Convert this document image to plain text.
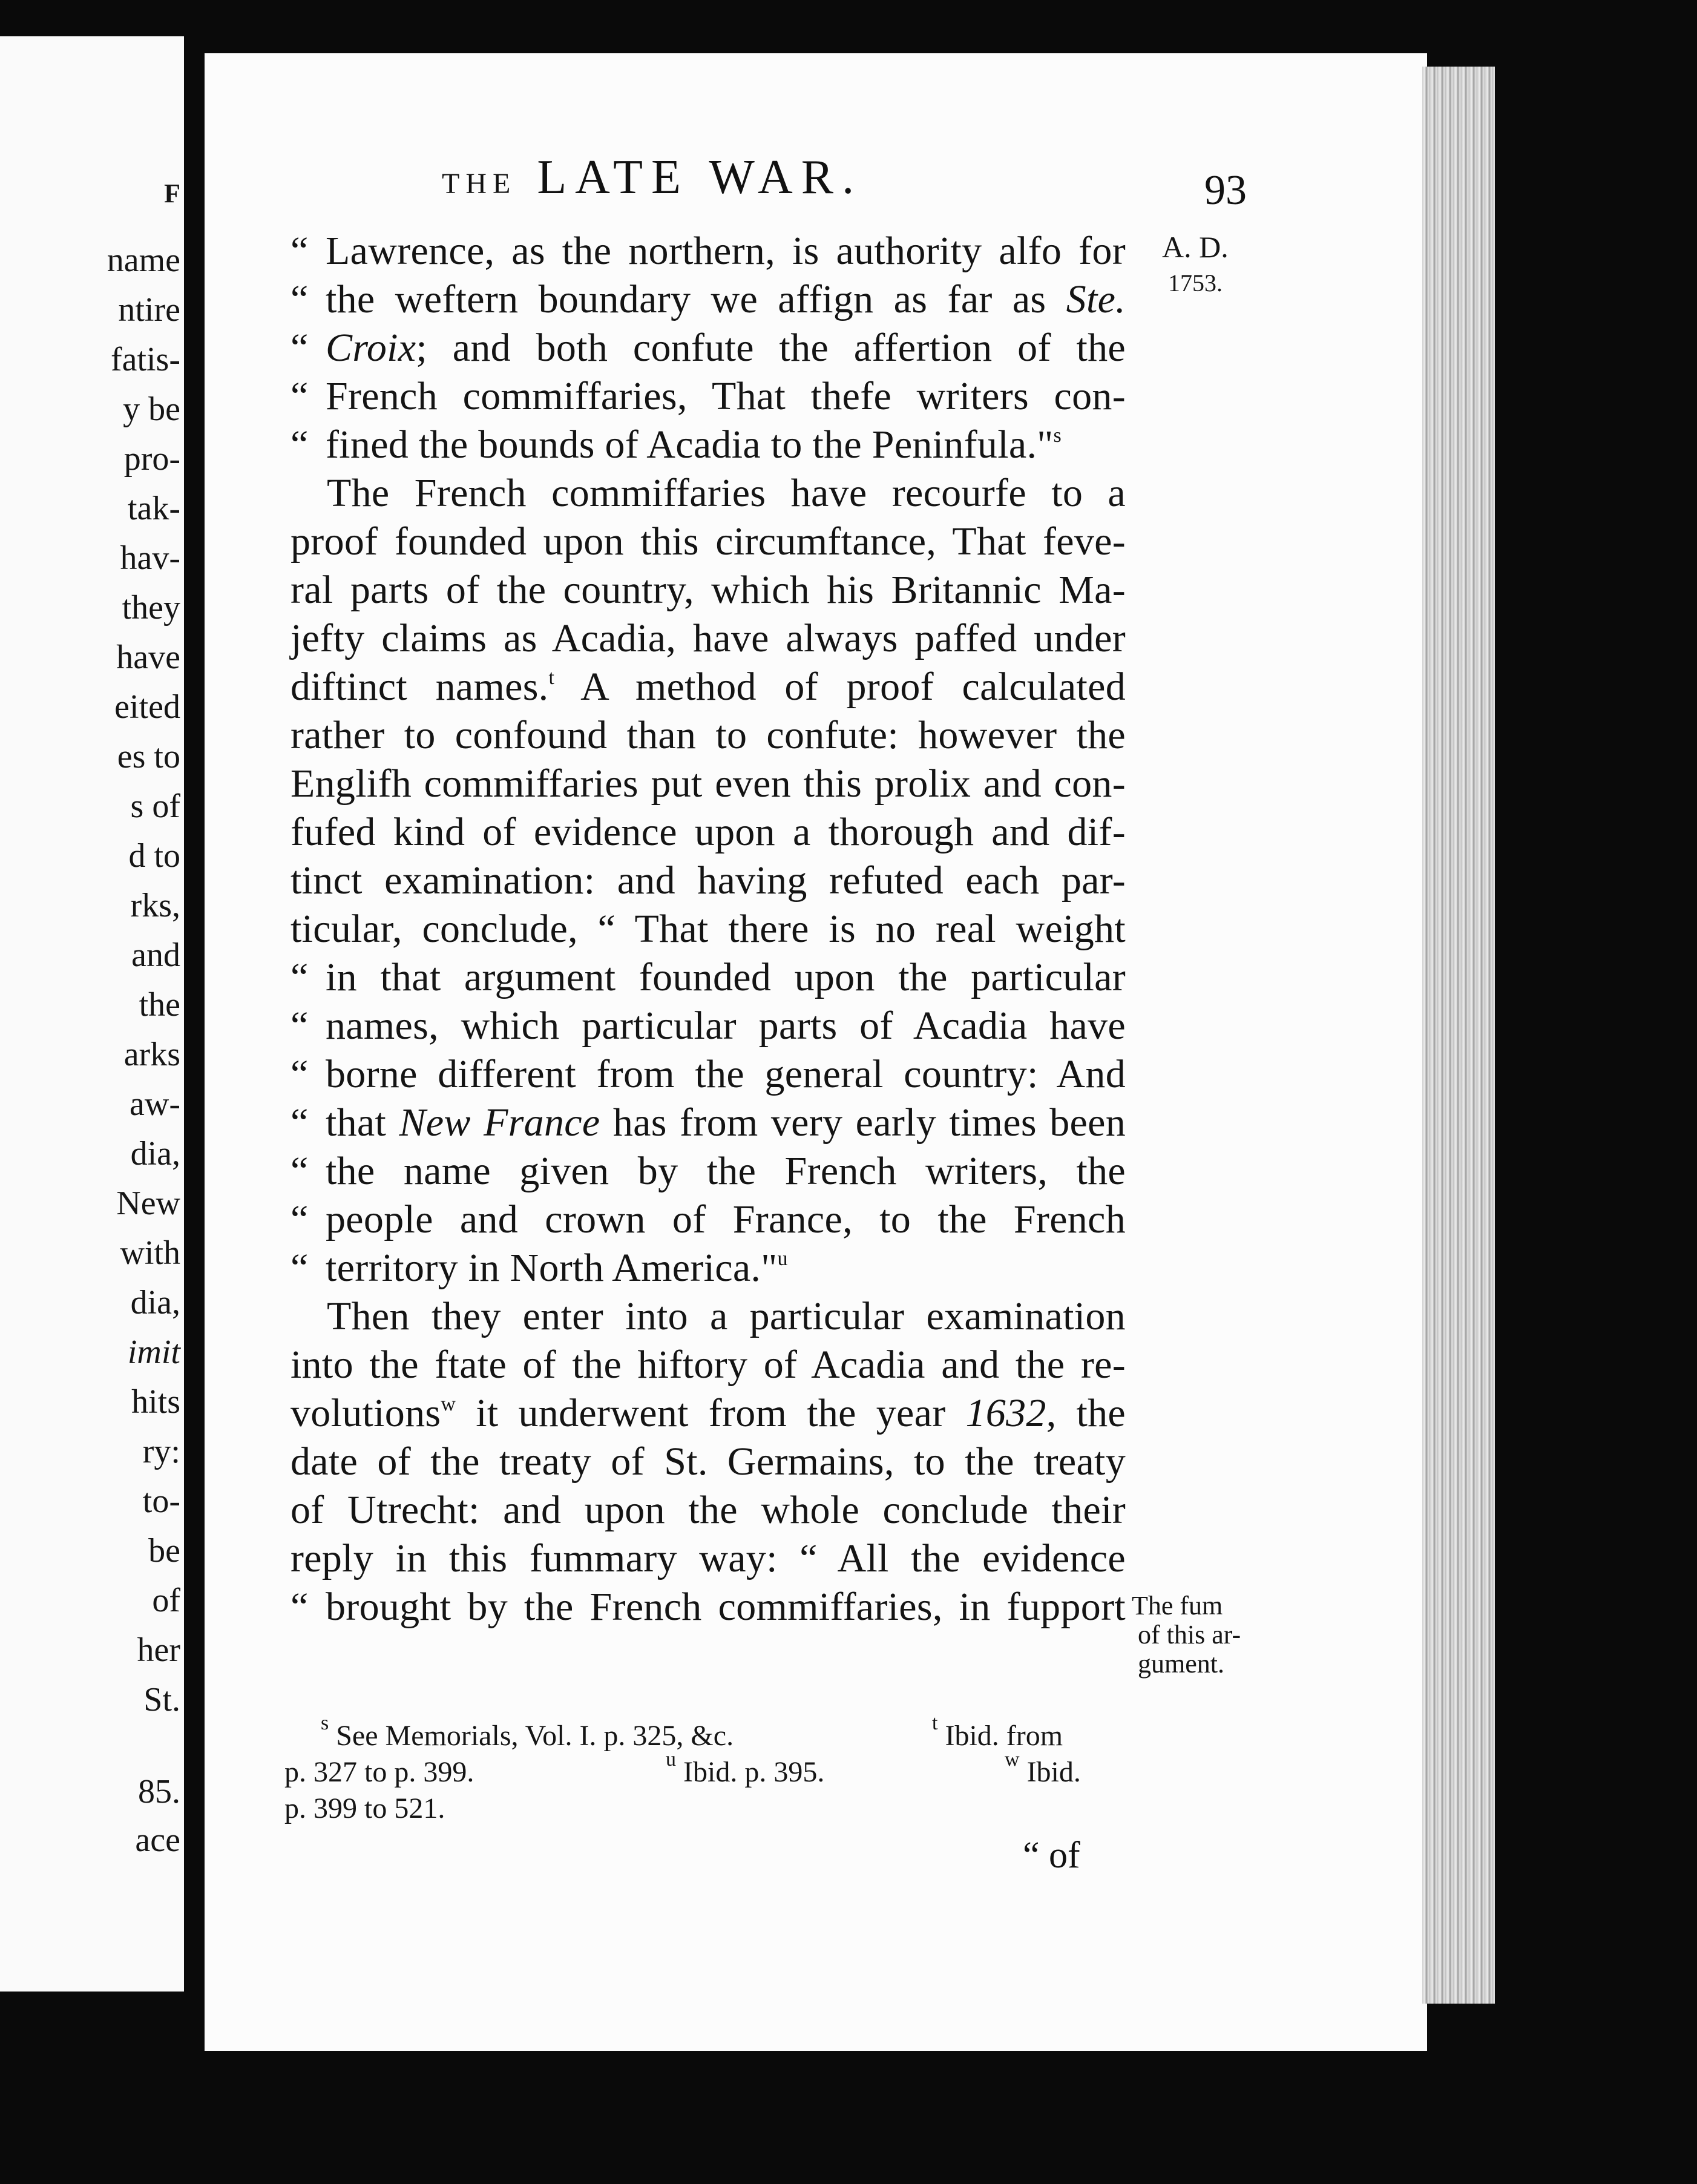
F
name
ntire
fatis-
y be
pro-
tak-
hav-
they
have
eited
es to
s of
d to
rks,
and
the
arks
aw-
dia,
New
with
dia,
imit
hits
ry:
to-
be
of
her
St.
85.
ace
THE LATE WAR.	93
A. D.
1753.
“ Lawrence, as the northern, is authority alfo for
“ the weftern boundary we affign as far as Ste.
“ Croix; and both confute the affertion of the
“ French commiffaries, That thefe writers con-
“ fined the bounds of Acadia to the Peninfula."$^s$
The French commiffaries have recourfe to a
proof founded upon this circumftance, That feve-
ral parts of the country, which his Britannic Ma-
jefty claims as Acadia, have always paffed under
diftinct names.$^t$ A method of proof calculated
rather to confound than to confute: however the
Englifh commiffaries put even this prolix and con-
fufed kind of evidence upon a thorough and dif-
tinct examination: and having refuted each par-
ticular, conclude, “ That there is no real weight
“ in that argument founded upon the particular
“ names, which particular parts of Acadia have
“ borne different from the general country: And
“ that New France has from very early times been
“ the name given by the French writers, the
“ people and crown of France, to the French
“ territory in North America."$^u$
Then they enter into a particular examination
into the ftate of the hiftory of Acadia and the re-
volutions$^w$ it underwent from the year 1632, the
date of the treaty of St. Germains, to the treaty
of Utrecht: and upon the whole conclude their
reply in this fummary way: “ All the evidence
“ brought by the French commiffaries, in fupport The fum
of this ar-
gument.
$^s$ See Memorials, Vol. I. p. 325, &c.	$^t$ Ibid. from
p. 327 to p. 399.	$^u$ Ibid. p. 395.	$^w$ Ibid.
p. 399 to 521.
“ of
